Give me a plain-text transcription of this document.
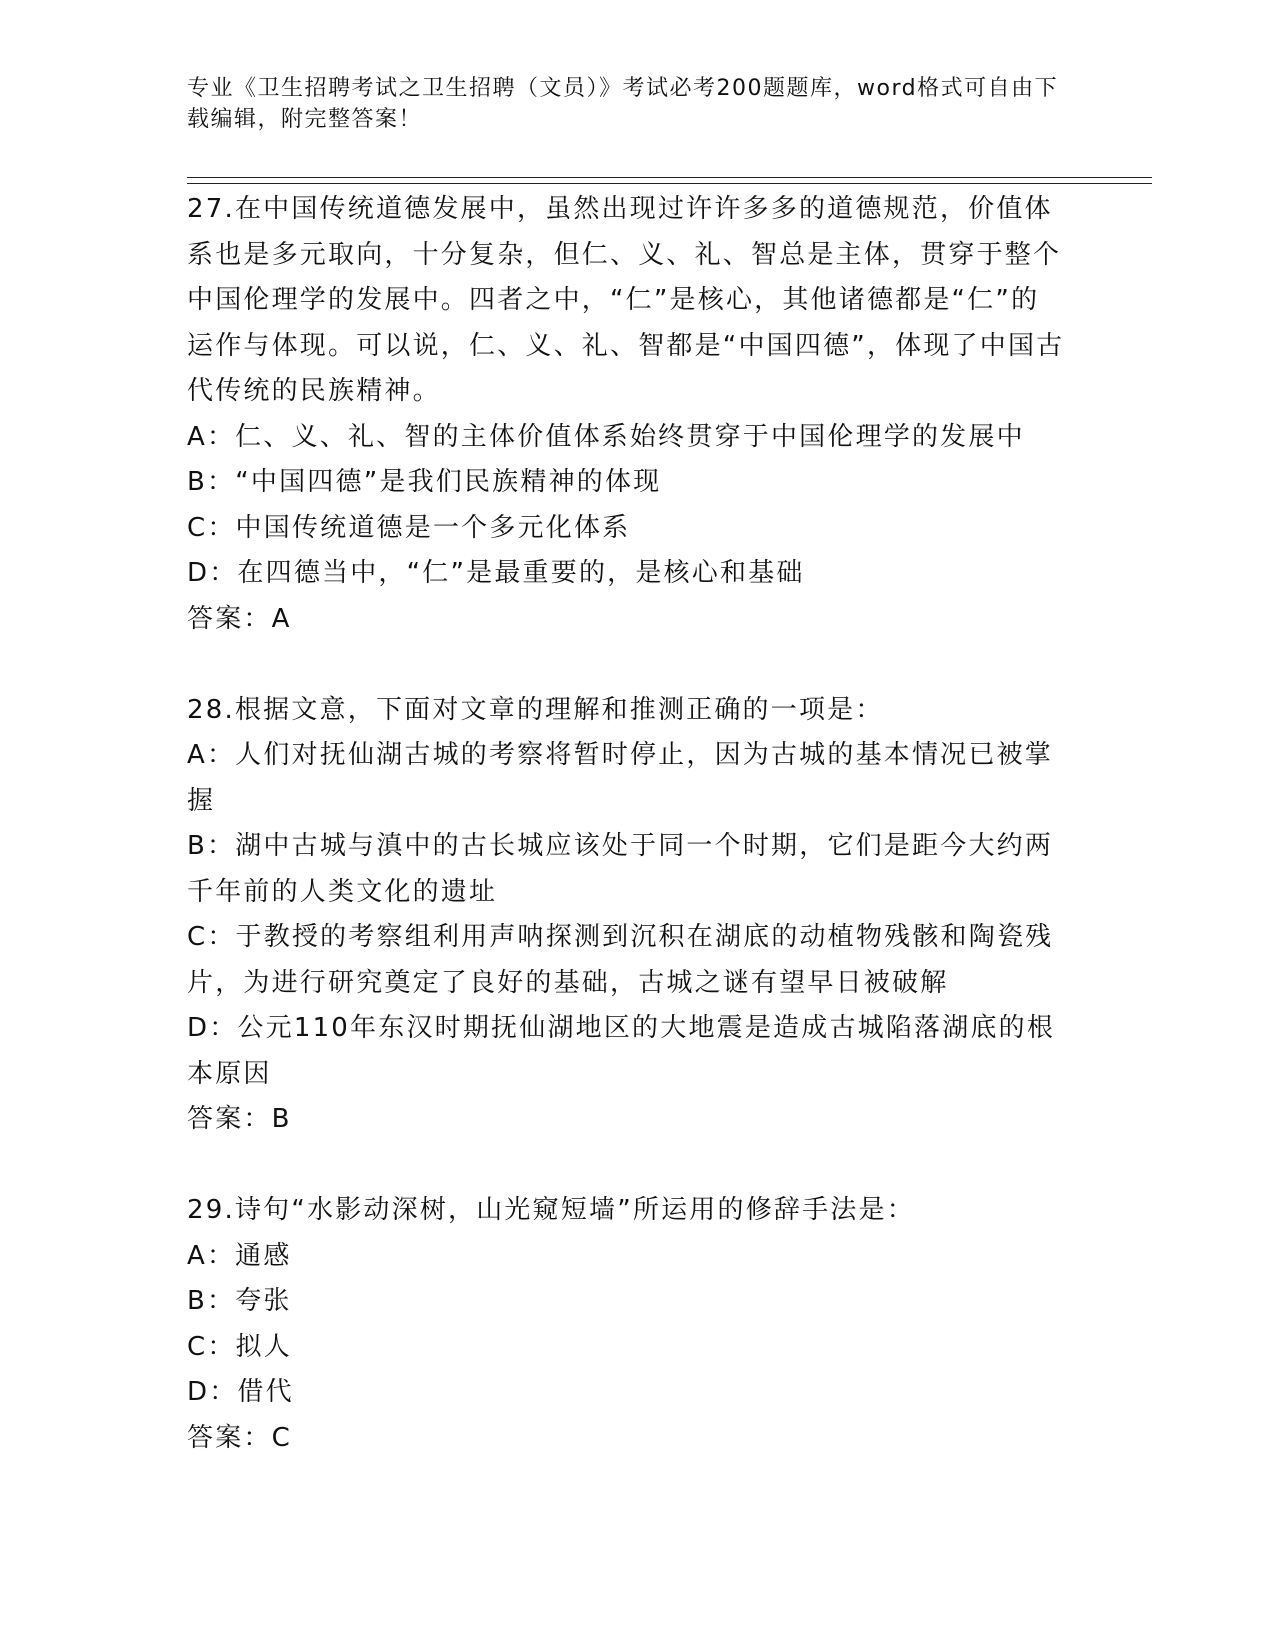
专业《卫生招聘考试之卫生招聘（文员）》考试必考200题题库，word格式可自由下载编辑，附完整答案！

27.在中国传统道德发展中，虽然出现过许许多多的道德规范，价值体系也是多元取向，十分复杂，但仁、义、礼、智总是主体，贯穿于整个中国伦理学的发展中。四者之中，“仁”是核心，其他诸德都是“仁”的运作与体现。可以说，仁、义、礼、智都是“中国四德”，体现了中国古代传统的民族精神。

A：仁、义、礼、智的主体价值体系始终贯穿于中国伦理学的发展中

B：“中国四德”是我们民族精神的体现

C：中国传统道德是一个多元化体系

D：在四德当中，“仁”是最重要的，是核心和基础

答案：A

28.根据文意，下面对文章的理解和推测正确的一项是：

A：人们对抚仙湖古城的考察将暂时停止，因为古城的基本情况已被掌握

B：湖中古城与滇中的古长城应该处于同一个时期，它们是距今大约两千年前的人类文化的遗址

C：于教授的考察组利用声呐探测到沉积在湖底的动植物残骸和陶瓷残片，为进行研究奠定了良好的基础，古城之谜有望早日被破解

D：公元110年东汉时期抚仙湖地区的大地震是造成古城陷落湖底的根本原因

答案：B

29.诗句“水影动深树，山光窥短墙”所运用的修辞手法是：

A：通感

B：夸张

C：拟人

D：借代

答案：C
